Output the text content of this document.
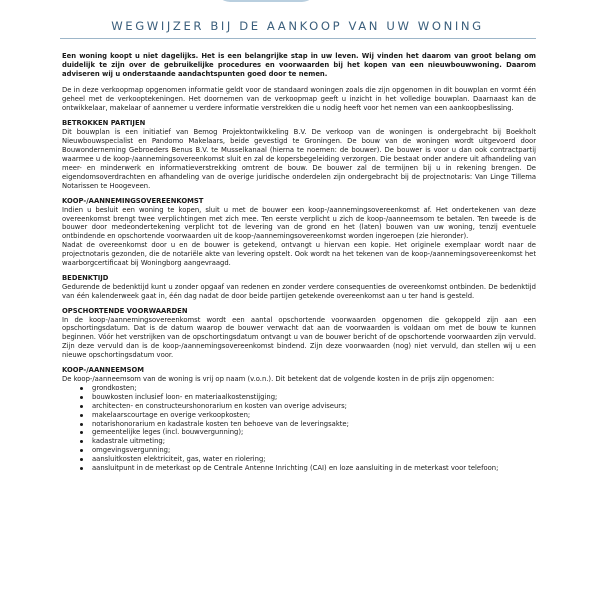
WEGWIJZER BIJ DE AANKOOP VAN UW WONING

Een woning koopt u niet dagelijks. Het is een belangrijke stap in uw leven. Wij vinden het daarom van groot belang om duidelijk te zijn over de gebruikelijke procedures en voorwaarden bij het kopen van een nieuwbouwwoning. Daarom adviseren wij u onderstaande aandachtspunten goed door te nemen.

De in deze verkoopmap opgenomen informatie geldt voor de standaard woningen zoals die zijn opgenomen in dit bouwplan en vormt één geheel met de verkooptekeningen. Het doornemen van de verkoopmap geeft u inzicht in het volledige bouwplan. Daarnaast kan de ontwikkelaar, makelaar of aannemer u verdere informatie verstrekken die u nodig heeft voor het nemen van een aankoopbeslissing.

BETROKKEN PARTIJEN

Dit bouwplan is een initiatief van Bemog Projektontwikkeling B.V. De verkoop van de woningen is ondergebracht bij Boekholt Nieuwbouwspecialist en Pandomo Makelaars, beide gevestigd te Groningen. De bouw van de woningen wordt uitgevoerd door Bouwonderneming Gebroeders Benus B.V. te Musselkanaal (hierna te noemen: de bouwer). De bouwer is voor u dan ook contractpartij waarmee u de koop-/aannemingsovereenkomst sluit en zal de kopersbegeleiding verzorgen. Die bestaat onder andere uit afhandeling van meer- en minderwerk en informatieverstrekking omtrent de bouw. De bouwer zal de termijnen bij u in rekening brengen. De eigendomsoverdrachten en afhandeling van de overige juridische onderdelen zijn ondergebracht bij de projectnotaris: Van Linge Tillema Notarissen te Hoogeveen.

KOOP-/AANNEMINGSOVEREENKOMST

Indien u besluit een woning te kopen, sluit u met de bouwer een koop-/aannemingsovereenkomst af. Het ondertekenen van deze overeenkomst brengt twee verplichtingen met zich mee. Ten eerste verplicht u zich de koop-/aanneemsom te betalen. Ten tweede is de bouwer door medeondertekening verplicht tot de levering van de grond en het (laten) bouwen van uw woning, tenzij eventuele ontbindende en opschortende voorwaarden uit de koop-/aannemingsovereenkomst worden ingeroepen (zie hieronder).
Nadat de overeenkomst door u en de bouwer is getekend, ontvangt u hiervan een kopie. Het originele exemplaar wordt naar de projectnotaris gezonden, die de notariële akte van levering opstelt. Ook wordt na het tekenen van de koop-/aannemingsovereenkomst het waarborgcertificaat bij Woningborg aangevraagd.

BEDENKTIJD

Gedurende de bedenktijd kunt u zonder opgaaf van redenen en zonder verdere consequenties de overeenkomst ontbinden. De bedenktijd van één kalenderweek gaat in, één dag nadat de door beide partijen getekende overeenkomst aan u ter hand is gesteld.

OPSCHORTENDE VOORWAARDEN

In de koop-/aannemingsovereenkomst wordt een aantal opschortende voorwaarden opgenomen die gekoppeld zijn aan een opschortingsdatum. Dat is de datum waarop de bouwer verwacht dat aan de voorwaarden is voldaan om met de bouw te kunnen beginnen. Vóór het verstrijken van de opschortingsdatum ontvangt u van de bouwer bericht of de opschortende voorwaarden zijn vervuld. Zijn deze vervuld dan is de koop-/aannemingsovereenkomst bindend. Zijn deze voorwaarden (nog) niet vervuld, dan stellen wij u een nieuwe opschortingsdatum voor.

KOOP-/AANNEEMSOM

De koop-/aanneemsom van de woning is vrij op naam (v.o.n.). Dit betekent dat de volgende kosten in de prijs zijn opgenomen:

grondkosten;
bouwkosten inclusief loon- en materiaalkostenstijging;
architecten- en constructeurshonorarium en kosten van overige adviseurs;
makelaarscourtage en overige verkoopkosten;
notarishonorarium en kadastrale kosten ten behoeve van de leveringsakte;
gemeentelijke leges (incl. bouwvergunning);
kadastrale uitmeting;
omgevingsvergunning;
aansluitkosten elektriciteit, gas, water en riolering;
aansluitpunt in de meterkast op de Centrale Antenne Inrichting (CAI) en loze aansluiting in de meterkast voor telefoon;
